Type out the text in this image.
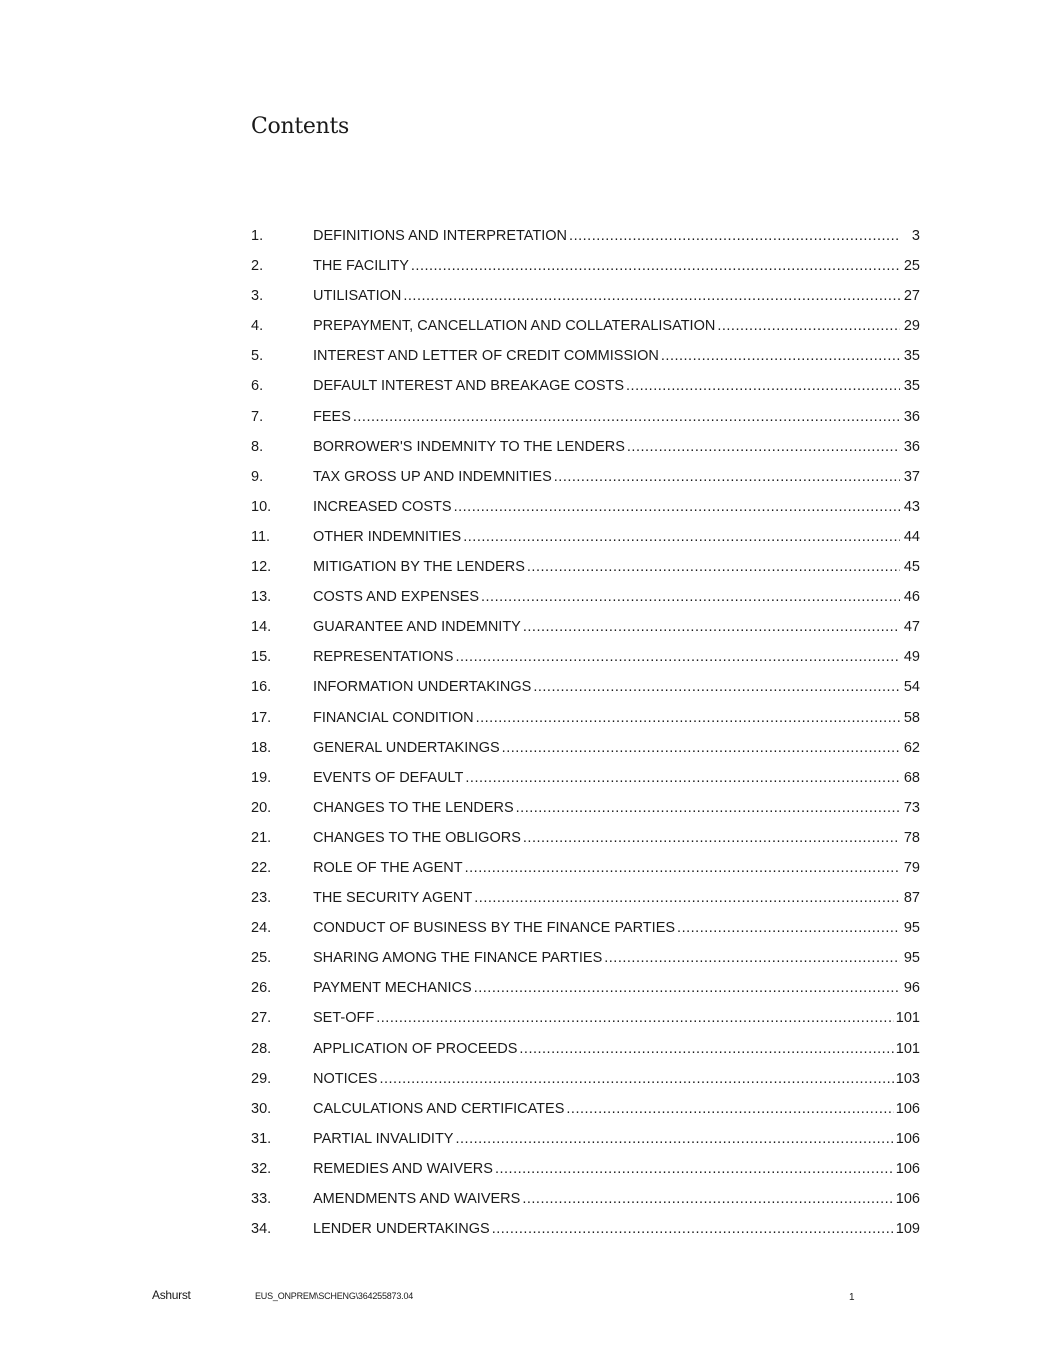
Contents
1.	DEFINITIONS AND INTERPRETATION .....	3
2.	THE FACILITY .....	25
3.	UTILISATION .....	27
4.	PREPAYMENT, CANCELLATION AND COLLATERALISATION .....	29
5.	INTEREST AND LETTER OF CREDIT COMMISSION .....	35
6.	DEFAULT INTEREST AND BREAKAGE COSTS .....	35
7.	FEES .....	36
8.	BORROWER'S INDEMNITY TO THE LENDERS .....	36
9.	TAX GROSS UP AND INDEMNITIES .....	37
10.	INCREASED COSTS .....	43
11.	OTHER INDEMNITIES .....	44
12.	MITIGATION BY THE LENDERS .....	45
13.	COSTS AND EXPENSES .....	46
14.	GUARANTEE AND INDEMNITY .....	47
15.	REPRESENTATIONS .....	49
16.	INFORMATION UNDERTAKINGS .....	54
17.	FINANCIAL CONDITION .....	58
18.	GENERAL UNDERTAKINGS .....	62
19.	EVENTS OF DEFAULT .....	68
20.	CHANGES TO THE LENDERS .....	73
21.	CHANGES TO THE OBLIGORS .....	78
22.	ROLE OF THE AGENT .....	79
23.	THE SECURITY AGENT .....	87
24.	CONDUCT OF BUSINESS BY THE FINANCE PARTIES .....	95
25.	SHARING AMONG THE FINANCE PARTIES .....	95
26.	PAYMENT MECHANICS .....	96
27.	SET-OFF .....	101
28.	APPLICATION OF PROCEEDS .....	101
29.	NOTICES .....	103
30.	CALCULATIONS AND CERTIFICATES .....	106
31.	PARTIAL INVALIDITY .....	106
32.	REMEDIES AND WAIVERS .....	106
33.	AMENDMENTS AND WAIVERS .....	106
34.	LENDER UNDERTAKINGS .....	109
Ashurst	EUS_ONPREM\SCHENG\364255873.04	1
